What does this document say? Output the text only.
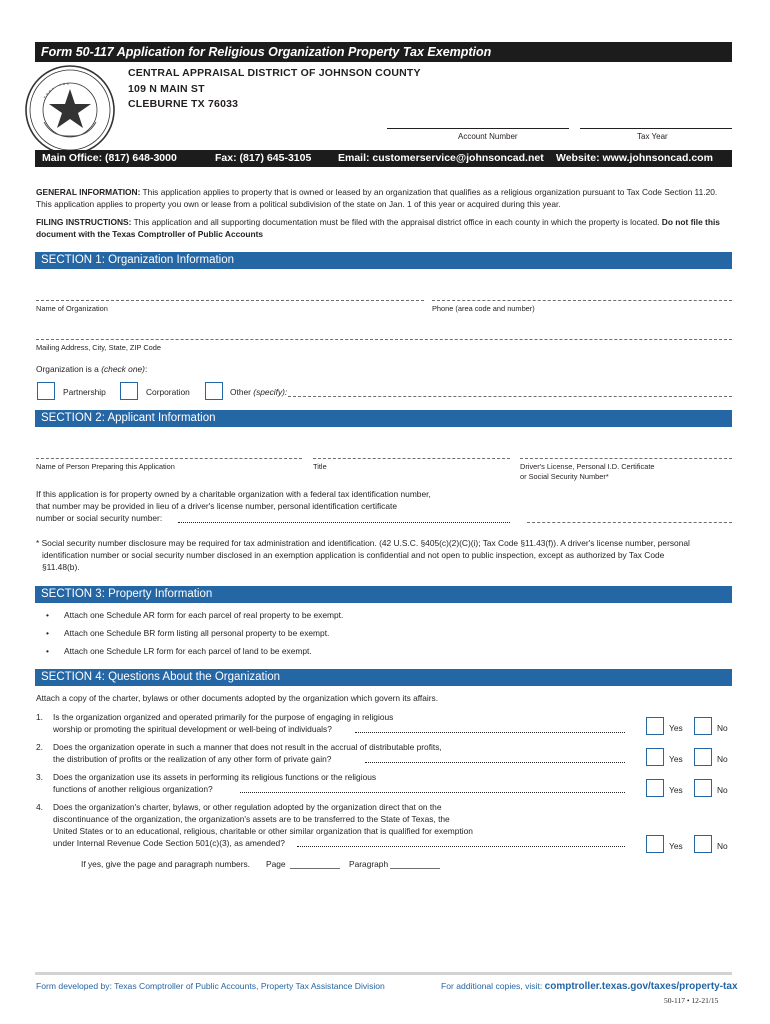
Form 50-117 Application for Religious Organization Property Tax Exemption
CENTRAL APPRAISAL DISTRICT OF JOHNSON COUNTY
109 N MAIN ST
CLEBURNE TX 76033
Account Number	Tax Year
Main Office: (817) 648-3000	Fax: (817) 645-3105	Email: customerservice@johnsoncad.net Website: www.johnsoncad.com
GENERAL INFORMATION: This application applies to property that is owned or leased by an organization that qualifies as a religious organization pursuant to Tax Code Section 11.20. This application applies to property you own or lease from a political subdivision of the state on Jan. 1 of this year or acquired during this year.
FILING INSTRUCTIONS: This application and all supporting documentation must be filed with the appraisal district office in each county in which the property is located. Do not file this document with the Texas Comptroller of Public Accounts
SECTION 1: Organization Information
Name of Organization	Phone (area code and number)
Mailing Address, City, State, ZIP Code
Organization is a (check one):
Partnership	Corporation	Other (specify):
SECTION 2: Applicant Information
Name of Person Preparing this Application	Title	Driver's License, Personal I.D. Certificate
or Social Security Number*
If this application is for property owned by a charitable organization with a federal tax identification number,
that number may be provided in lieu of a driver's license number, personal identification certificate
number or social security number:
* Social security number disclosure may be required for tax administration and identification. (42 U.S.C. §405(c)(2)(C)(i); Tax Code §11.43(f)). A driver's license number, personal
identification number or social security number disclosed in an exemption application is confidential and not open to public inspection, except as authorized by Tax Code
§11.48(b).
SECTION 3: Property Information
• Attach one Schedule AR form for each parcel of real property to be exempt.
• Attach one Schedule BR form listing all personal property to be exempt.
• Attach one Schedule LR form for each parcel of land to be exempt.
SECTION 4: Questions About the Organization
Attach a copy of the charter, bylaws or other documents adopted by the organization which govern its affairs.
1. Is the organization organized and operated primarily for the purpose of engaging in religious
worship or promoting the spiritual development or well-being of individuals?	Yes	No
2. Does the organization operate in such a manner that does not result in the accrual of distributable profits,
the distribution of profits or the realization of any other form of private gain?	Yes	No
3. Does the organization use its assets in performing its religious functions or the religious
functions of another religious organization?	Yes	No
4. Does the organization's charter, bylaws, or other regulation adopted by the organization direct that on the
discontinuance of the organization, the organization's assets are to be transferred to the State of Texas, the
United States or to an educational, religious, charitable or other similar organization that is qualified for exemption
under Internal Revenue Code Section 501(c)(3), as amended?	Yes	No
If yes, give the page and paragraph numbers. Page	Paragraph
Form developed by: Texas Comptroller of Public Accounts, Property Tax Assistance Division	For additional copies, visit: comptroller.texas.gov/taxes/property-tax
50-117 • 12-21/15
